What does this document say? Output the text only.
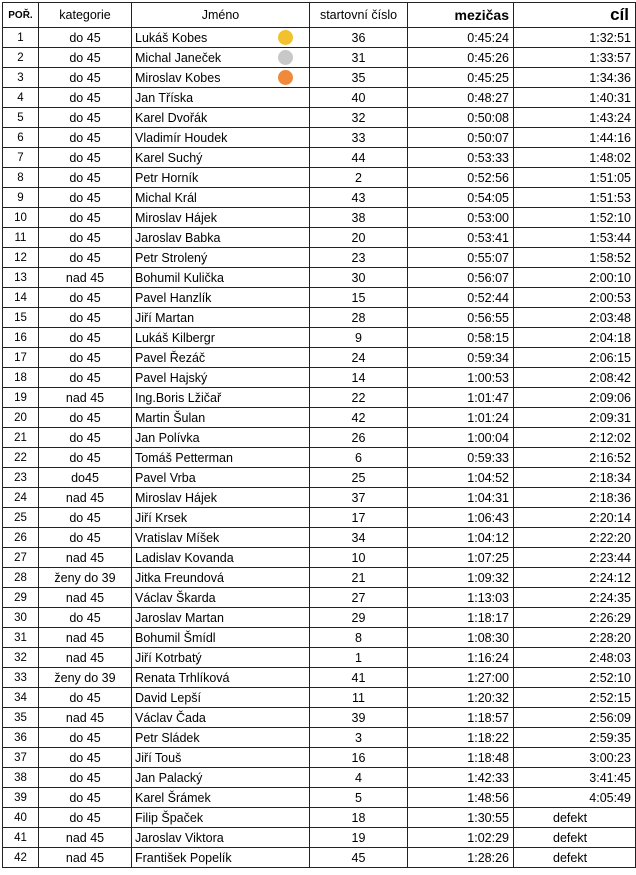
POŘ.	kategorie	Jméno	startovní číslo	mezičas	cíl
1	do 45	Lukáš Kobes	36	0:45:24	1:32:51
2	do 45	Michal Janeček	31	0:45:26	1:33:57
3	do 45	Miroslav Kobes	35	0:45:25	1:34:36
4	do 45	Jan Tříska	40	0:48:27	1:40:31
5	do 45	Karel Dvořák	32	0:50:08	1:43:24
6	do 45	Vladimír Houdek	33	0:50:07	1:44:16
7	do 45	Karel Suchý	44	0:53:33	1:48:02
8	do 45	Petr Horník	2	0:52:56	1:51:05
9	do 45	Michal Král	43	0:54:05	1:51:53
10	do 45	Miroslav Hájek	38	0:53:00	1:52:10
11	do 45	Jaroslav Babka	20	0:53:41	1:53:44
12	do 45	Petr Strolený	23	0:55:07	1:58:52
13	nad 45	Bohumil Kulička	30	0:56:07	2:00:10
14	do 45	Pavel Hanzlík	15	0:52:44	2:00:53
15	do 45	Jiří Martan	28	0:56:55	2:03:48
16	do 45	Lukáš Kilbergr	9	0:58:15	2:04:18
17	do 45	Pavel Řezáč	24	0:59:34	2:06:15
18	do 45	Pavel Hajský	14	1:00:53	2:08:42
19	nad 45	Ing.Boris Lžičař	22	1:01:47	2:09:06
20	do 45	Martin Šulan	42	1:01:24	2:09:31
21	do 45	Jan Polívka	26	1:00:04	2:12:02
22	do 45	Tomáš Petterman	6	0:59:33	2:16:52
23	do45	Pavel Vrba	25	1:04:52	2:18:34
24	nad 45	Miroslav Hájek	37	1:04:31	2:18:36
25	do 45	Jiří Krsek	17	1:06:43	2:20:14
26	do 45	Vratislav Míšek	34	1:04:12	2:22:20
27	nad 45	Ladislav Kovanda	10	1:07:25	2:23:44
28	ženy do 39	Jitka Freundová	21	1:09:32	2:24:12
29	nad 45	Václav Škarda	27	1:13:03	2:24:35
30	do 45	Jaroslav Martan	29	1:18:17	2:26:29
31	nad 45	Bohumil Šmídl	8	1:08:30	2:28:20
32	nad 45	Jiří Kotrbatý	1	1:16:24	2:48:03
33	ženy do 39	Renata Trhlíková	41	1:27:00	2:52:10
34	do 45	David Lepší	11	1:20:32	2:52:15
35	nad 45	Václav Čada	39	1:18:57	2:56:09
36	do 45	Petr Sládek	3	1:18:22	2:59:35
37	do 45	Jiří Touš	16	1:18:48	3:00:23
38	do 45	Jan Palacký	4	1:42:33	3:41:45
39	do 45	Karel Šrámek	5	1:48:56	4:05:49
40	do 45	Filip Špaček	18	1:30:55	defekt
41	nad 45	Jaroslav Viktora	19	1:02:29	defekt
42	nad 45	František Popelík	45	1:28:26	defekt
